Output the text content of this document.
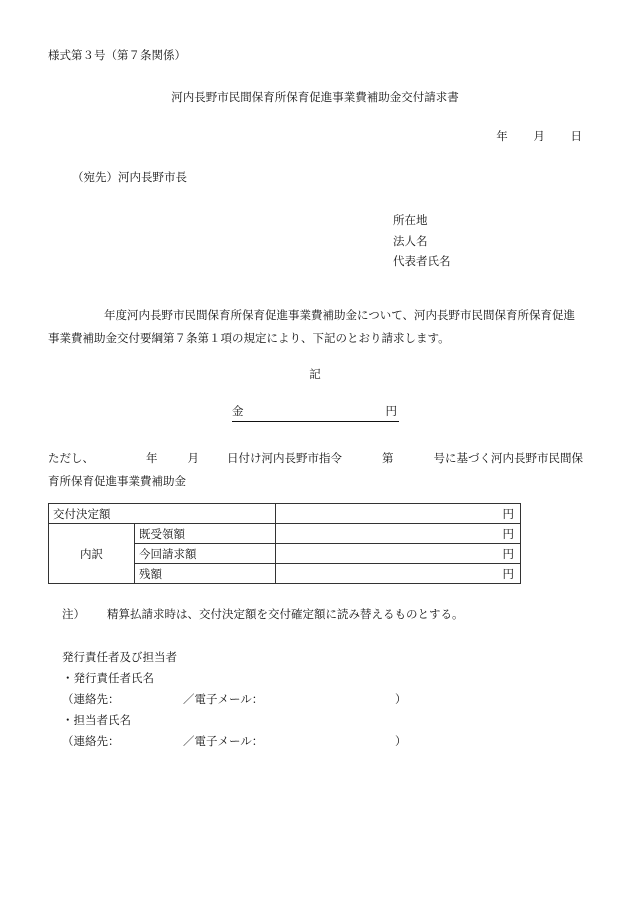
様式第３号（第７条関係）
河内長野市民間保育所保育促進事業費補助金交付請求書
年 月 日
（宛先）河内長野市長
所在地
法人名
代表者氏名
年度河内長野市民間保育所保育促進事業費補助金について、河内長野市民間保育所保育促進事業費補助金交付要綱第７条第１項の規定により、下記のとおり請求します。
記
金	円
ただし、	年	月 日付け河内長野市指令	第	号に基づく河内長野市民間保
育所保育促進事業費補助金
交付決定額		円
内訳	既受領額	円
	今回請求額	円
	残額	円
注） 精算払請求時は、交付決定額を交付確定額に読み替えるものとする。
発行責任者及び担当者
・発行責任者氏名
（連絡先：	／電子メール：	）
・担当者氏名
（連絡先：	／電子メール：	）
